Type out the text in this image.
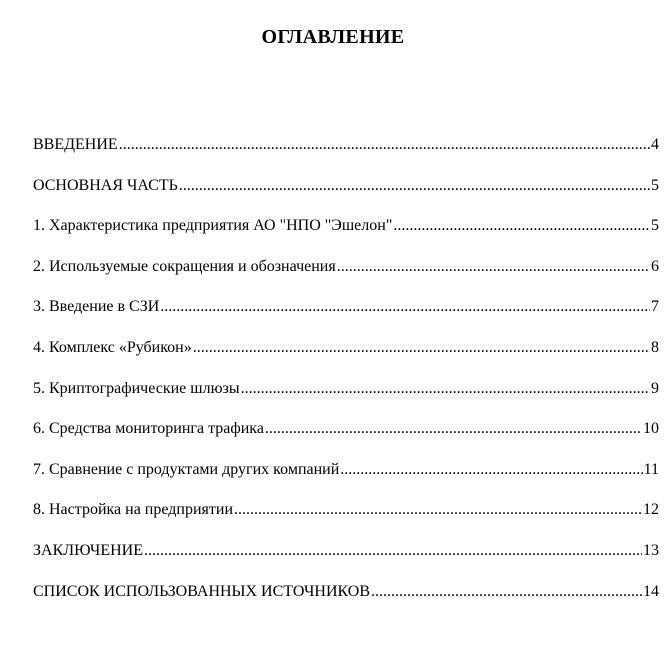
ОГЛАВЛЕНИЕ
ВВЕДЕНИЕ .....	4
ОСНОВНАЯ ЧАСТЬ .....	5
1. Характеристика предприятия АО "НПО "Эшелон" .....	5
2. Используемые сокращения и обозначения .....	6
3. Введение в СЗИ .....	7
4. Комплекс «Рубикон» .....	8
5. Криптографические шлюзы .....	9
6. Средства мониторинга трафика .....	10
7. Сравнение с продуктами других компаний .....	11
8. Настройка на предприятии .....	12
ЗАКЛЮЧЕНИЕ .....	13
СПИСОК ИСПОЛЬЗОВАННЫХ ИСТОЧНИКОВ .....	14
